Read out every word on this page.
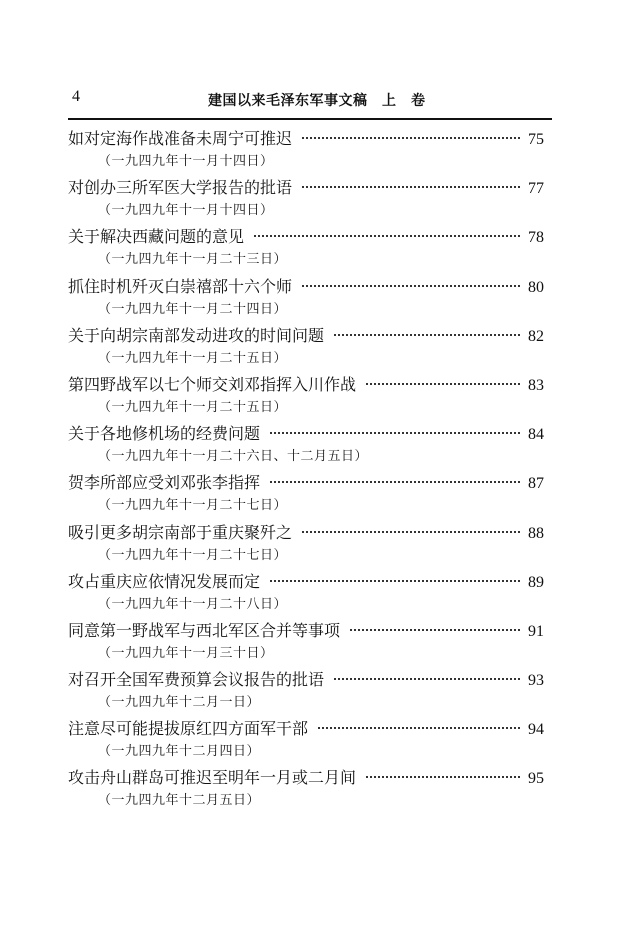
4	建国以来毛泽东军事文稿　上　卷
如对定海作战准备未周宁可推迟	75
（一九四九年十一月十四日）
对创办三所军医大学报告的批语	77
（一九四九年十一月十四日）
关于解决西藏问题的意见	78
（一九四九年十一月二十三日）
抓住时机歼灭白崇禧部十六个师	80
（一九四九年十一月二十四日）
关于向胡宗南部发动进攻的时间问题	82
（一九四九年十一月二十五日）
第四野战军以七个师交刘邓指挥入川作战	83
（一九四九年十一月二十五日）
关于各地修机场的经费问题	84
（一九四九年十一月二十六日、十二月五日）
贺李所部应受刘邓张李指挥	87
（一九四九年十一月二十七日）
吸引更多胡宗南部于重庆聚歼之	88
（一九四九年十一月二十七日）
攻占重庆应依情况发展而定	89
（一九四九年十一月二十八日）
同意第一野战军与西北军区合并等事项	91
（一九四九年十一月三十日）
对召开全国军费预算会议报告的批语	93
（一九四九年十二月一日）
注意尽可能提拔原红四方面军干部	94
（一九四九年十二月四日）
攻击舟山群岛可推迟至明年一月或二月间	95
（一九四九年十二月五日）
